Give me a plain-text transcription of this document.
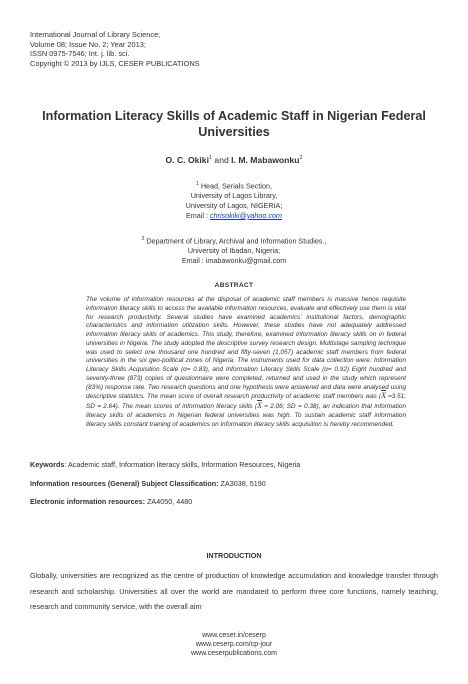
International Journal of Library Science;
Volume 08; Issue No. 2; Year 2013;
ISSN 0975-7546; Int. j. lib. sci.
Copyright © 2013 by IJLS, CESER PUBLICATIONS
Information Literacy Skills of Academic Staff in Nigerian Federal Universities
O. C. Okiki$^1$ and I. M. Mabawonku$^2$
$^1$ Head, Serials Section,
University of Lagos Library,
University of Lagos, NIGERIA;
Email : chrisokiki@yahoo.com
$^2$ Department of Library, Archival and Information Studies.,
University of Ibadan, Nigeria;
Email : imabawonku@gmail.com
ABSTRACT
The volume of information resources at the disposal of academic staff members is massive hence requisite information literacy skills to access the available information resources, evaluate and effectively use them is vital for research productivity. Several studies have examined academics' institutional factors, demographic characteristics and information utilization skills. However, these studies have not adequately addressed information literacy skills of academics. This study, therefore, examined information literacy skills on in federal universities in Nigeria. The study adopted the descriptive survey research design. Multistage sampling technique was used to select one thousand one hundred and fifty-seven (1,057) academic staff members from federal universities in the six geo-political zones of Nigeria. The instruments used for data collection were: Information Literacy Skills Acquisition Scale (α= 0.83), and Information Literacy Skills Scale (α= 0.92) Eight hundred and seventy-three (873) copies of questionnaire were completed, returned and used in the study which represent (83%) response rate. Two research questions and one hypothesis were answered and data were analysed using descriptive statistics. The mean score of overall research productivity of academic staff members was ($\overline{X} =3.51$; SD = 2.64). The mean scores of information literacy skills ($\overline{X} = 2.06$; SD = 0.38), an indication that information literacy skills of academics in Nigerian federal universities was high. To sustain academic staff information literacy skills constant training of academics on information literacy skills acquisition is hereby recommended.
Keywords: Academic staff, Information literacy skills, Information Resources, Nigeria
Information resources (General) Subject Classification: ZA3038, 5190
Electronic information resources: ZA4050, 4480
INTRODUCTION
Globally, universities are recognized as the centre of production of knowledge accumulation and knowledge transfer through research and scholarship. Universities all over the world are mandated to perform three core functions, namely teaching, research and community service, with the overall aim
www.ceser.in/ceserp
www.ceserp.com/cp-jour
www.ceserpublications.com
